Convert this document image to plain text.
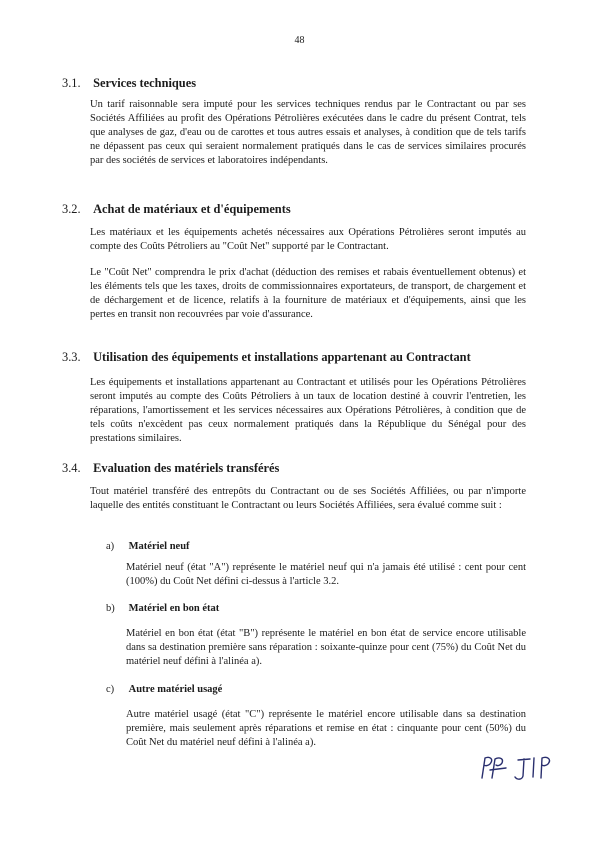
48
3.1. Services techniques
Un tarif raisonnable sera imputé pour les services techniques rendus par le Contractant ou par ses Sociétés Affiliées au profit des Opérations Pétrolières exécutées dans le cadre du présent Contrat, tels que analyses de gaz, d'eau ou de carottes et tous autres essais et analyses, à condition que de tels tarifs ne dépassent pas ceux qui seraient normalement pratiqués dans le cas de services similaires procurés par des sociétés de services et laboratoires indépendants.
3.2. Achat de matériaux et d'équipements
Les matériaux et les équipements achetés nécessaires aux Opérations Pétrolières seront imputés au compte des Coûts Pétroliers au "Coût Net" supporté par le Contractant.
Le "Coût Net" comprendra le prix d'achat (déduction des remises et rabais éventuellement obtenus) et les éléments tels que les taxes, droits de commissionnaires exportateurs, de transport, de chargement et de déchargement et de licence, relatifs à la fourniture de matériaux et d'équipements, ainsi que les pertes en transit non recouvrées par voie d'assurance.
3.3. Utilisation des équipements et installations appartenant au Contractant
Les équipements et installations appartenant au Contractant et utilisés pour les Opérations Pétrolières seront imputés au compte des Coûts Pétroliers à un taux de location destiné à couvrir l'entretien, les réparations, l'amortissement et les services nécessaires aux Opérations Pétrolières, à condition que de tels coûts n'excèdent pas ceux normalement pratiqués dans la République du Sénégal pour des prestations similaires.
3.4. Evaluation des matériels transférés
Tout matériel transféré des entrepôts du Contractant ou de ses Sociétés Affiliées, ou par n'importe laquelle des entités constituant le Contractant ou leurs Sociétés Affiliées, sera évalué comme suit :
a) Matériel neuf
Matériel neuf (état "A") représente le matériel neuf qui n'a jamais été utilisé : cent pour cent (100%) du Coût Net défini ci-dessus à l'article 3.2.
b) Matériel en bon état
Matériel en bon état (état "B") représente le matériel en bon état de service encore utilisable dans sa destination première sans réparation : soixante-quinze pour cent (75%) du Coût Net du matériel neuf défini à l'alinéa a).
c) Autre matériel usagé
Autre matériel usagé (état "C") représente le matériel encore utilisable dans sa destination première, mais seulement après réparations et remise en état : cinquante pour cent (50%) du Coût Net du matériel neuf défini à l'alinéa a).
